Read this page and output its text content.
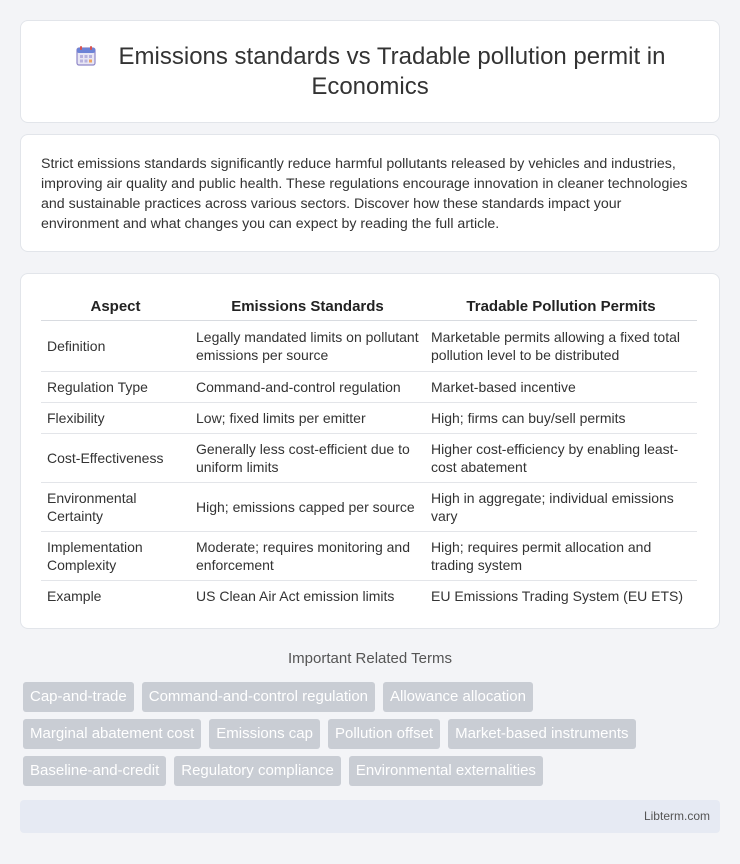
Emissions standards vs Tradable pollution permit in Economics

Strict emissions standards significantly reduce harmful pollutants released by vehicles and industries, improving air quality and public health. These regulations encourage innovation in cleaner technologies and sustainable practices across various sectors. Discover how these standards impact your environment and what changes you can expect by reading the full article.

Aspect	Emissions Standards	Tradable Pollution Permits
Definition	Legally mandated limits on pollutant emissions per source	Marketable permits allowing a fixed total pollution level to be distributed
Regulation Type	Command-and-control regulation	Market-based incentive
Flexibility	Low; fixed limits per emitter	High; firms can buy/sell permits
Cost-Effectiveness	Generally less cost-efficient due to uniform limits	Higher cost-efficiency by enabling least-cost abatement
Environmental Certainty	High; emissions capped per source	High in aggregate; individual emissions vary
Implementation Complexity	Moderate; requires monitoring and enforcement	High; requires permit allocation and trading system
Example	US Clean Air Act emission limits	EU Emissions Trading System (EU ETS)
Important Related Terms
Cap-and-trade	Command-and-control regulation	Allowance allocation
Marginal abatement cost	Emissions cap	Pollution offset	Market-based instruments
Baseline-and-credit	Regulatory compliance	Environmental externalities
Libterm.com
